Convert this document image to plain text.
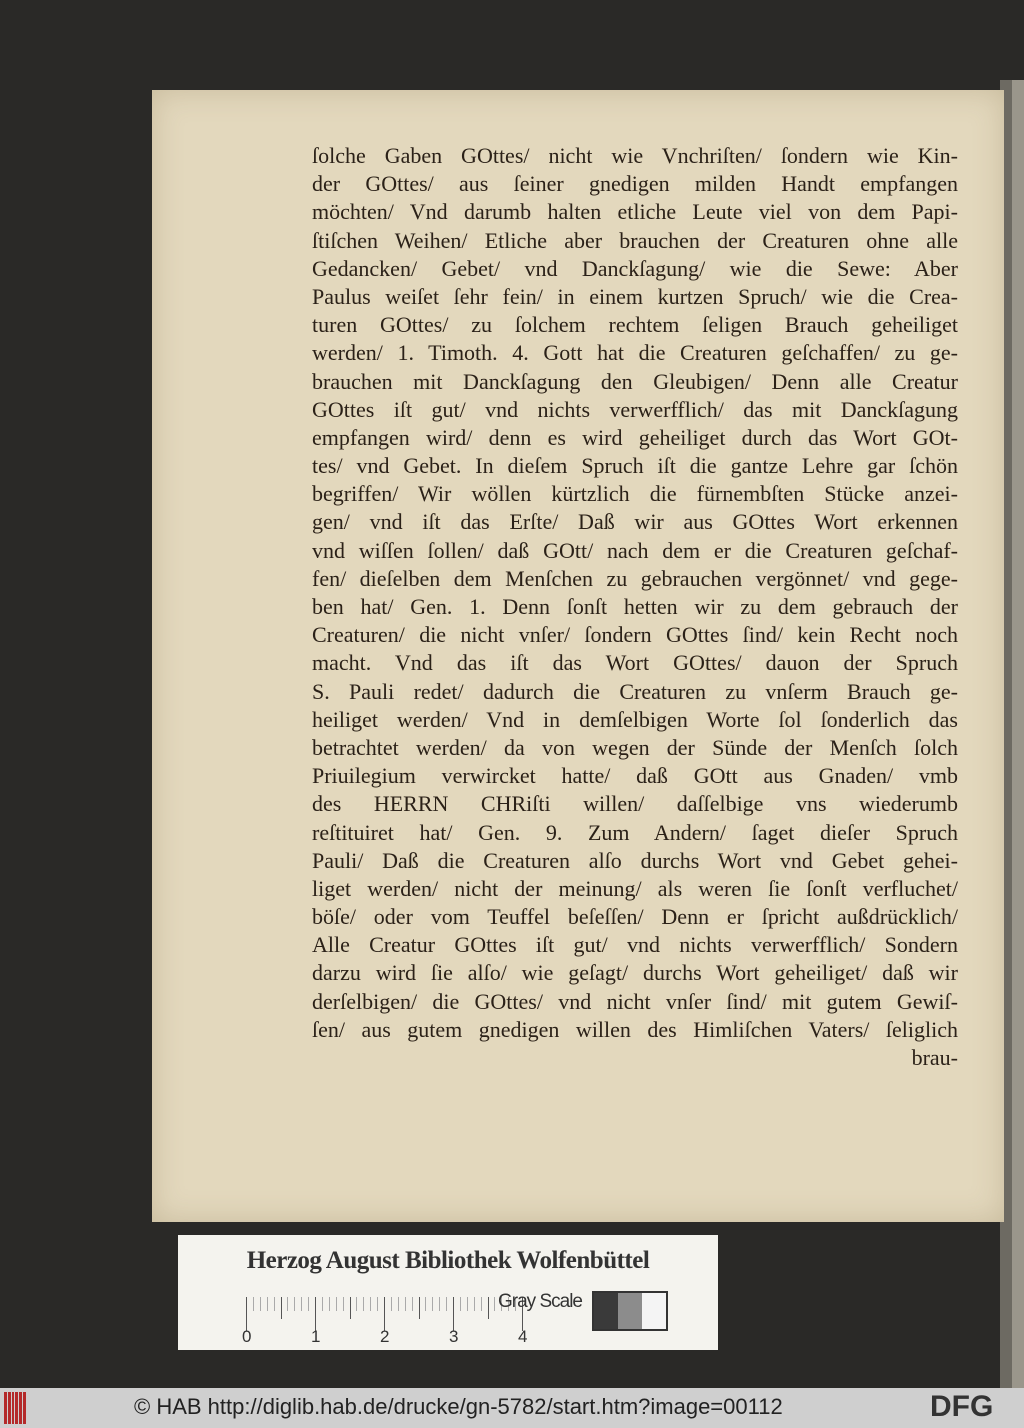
ſolche Gaben GOttes/ nicht wie Vnchriſten/ ſondern wie Kin-
der GOttes/ aus ſeiner gnedigen milden Handt empfangen
möchten/ Vnd darumb halten etliche Leute viel von dem Papi-
ſtiſchen Weihen/ Etliche aber brauchen der Creaturen ohne alle
Gedancken/ Gebet/ vnd Danckſagung/ wie die Sewe: Aber
Paulus weiſet ſehr fein/ in einem kurtzen Spruch/ wie die Crea-
turen GOttes/ zu ſolchem rechtem ſeligen Brauch geheiliget
werden/ 1. Timoth. 4. Gott hat die Creaturen geſchaffen/ zu ge-
brauchen mit Danckſagung den Gleubigen/ Denn alle Creatur
GOttes iſt gut/ vnd nichts verwerfflich/ das mit Danckſagung
empfangen wird/ denn es wird geheiliget durch das Wort GOt-
tes/ vnd Gebet. In dieſem Spruch iſt die gantze Lehre gar ſchön
begriffen/ Wir wöllen kürtzlich die fürnembſten Stücke anzei-
gen/ vnd iſt das Erſte/ Daß wir aus GOttes Wort erkennen
vnd wiſſen ſollen/ daß GOtt/ nach dem er die Creaturen geſchaf-
fen/ dieſelben dem Menſchen zu gebrauchen vergönnet/ vnd gege-
ben hat/ Gen. 1. Denn ſonſt hetten wir zu dem gebrauch der
Creaturen/ die nicht vnſer/ ſondern GOttes ſind/ kein Recht noch
macht. Vnd das iſt das Wort GOttes/ dauon der Spruch
S. Pauli redet/ dadurch die Creaturen zu vnſerm Brauch ge-
heiliget werden/ Vnd in demſelbigen Worte ſol ſonderlich das
betrachtet werden/ da von wegen der Sünde der Menſch ſolch
Priuilegium verwircket hatte/ daß GOtt aus Gnaden/ vmb
des HERRN CHRiſti willen/ daſſelbige vns wiederumb
reſtituiret hat/ Gen. 9. Zum Andern/ ſaget dieſer Spruch
Pauli/ Daß die Creaturen alſo durchs Wort vnd Gebet gehei-
liget werden/ nicht der meinung/ als weren ſie ſonſt verfluchet/
böſe/ oder vom Teuffel beſeſſen/ Denn er ſpricht außdrücklich/
Alle Creatur GOttes iſt gut/ vnd nichts verwerfflich/ Sondern
darzu wird ſie alſo/ wie geſagt/ durchs Wort geheiliget/ daß wir
derſelbigen/ die GOttes/ vnd nicht vnſer ſind/ mit gutem Gewiſ-
ſen/ aus gutem gnedigen willen des Himliſchen Vaters/ ſeliglich
brau-
Herzog August Bibliothek Wolfenbüttel
0	1	2	3	4
Gray Scale
© HAB http://diglib.hab.de/drucke/gn-5782/start.htm?image=00112	DFG
